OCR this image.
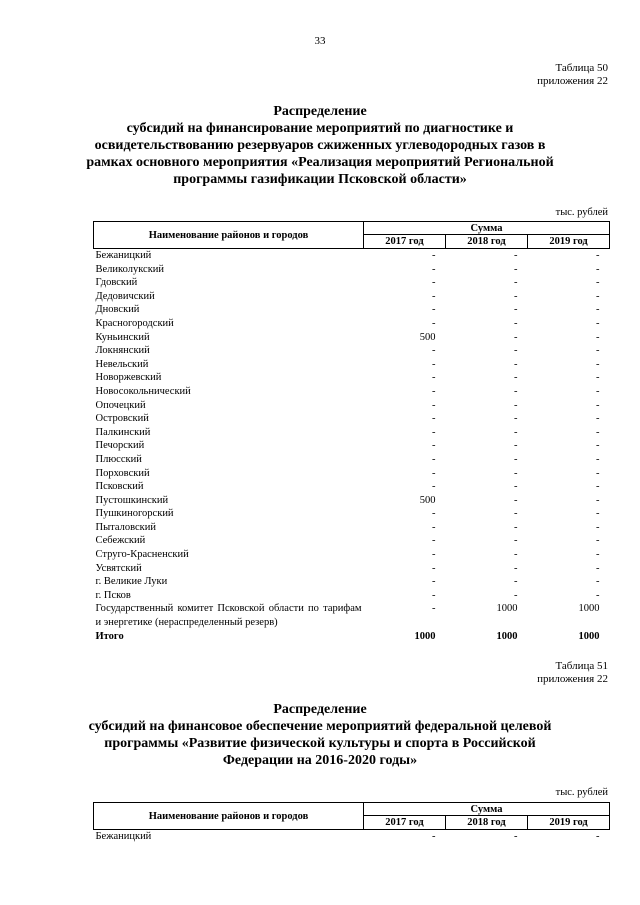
33
Таблица 50
приложения 22
Распределение
субсидий на финансирование мероприятий по диагностике и
освидетельствованию резервуаров сжиженных углеводородных газов в
рамках основного мероприятия «Реализация мероприятий Региональной
программы газификации Псковской области»
тыс. рублей
Наименование районов и городов	Сумма		
	2017 год	2018 год	2019 год
Бежаницкий	-	-	-
Великолукский	-	-	-
Гдовский	-	-	-
Дедовичский	-	-	-
Дновский	-	-	-
Красногородский	-	-	-
Куньинский	500	-	-
Локнянский	-	-	-
Невельский	-	-	-
Новоржевский	-	-	-
Новосокольнический	-	-	-
Опочецкий	-	-	-
Островский	-	-	-
Палкинский	-	-	-
Печорский	-	-	-
Плюсский	-	-	-
Порховский	-	-	-
Псковский	-	-	-
Пустошкинский	500	-	-
Пушкиногорский	-	-	-
Пыталовский	-	-	-
Себежский	-	-	-
Струго-Красненский	-	-	-
Усвятский	-	-	-
г. Великие Луки	-	-	-
г. Псков	-	-	-
Государственный комитет Псковской области по тарифам и энергетике (нераспределенный резерв)	-	1000	1000
Итого	1000	1000	1000
Таблица 51
приложения 22
Распределение
субсидий на финансовое обеспечение мероприятий федеральной целевой
программы «Развитие физической культуры и спорта в Российской
Федерации на 2016-2020 годы»
тыс. рублей
Наименование районов и городов	Сумма		
	2017 год	2018 год	2019 год
Бежаницкий	-	-	-
